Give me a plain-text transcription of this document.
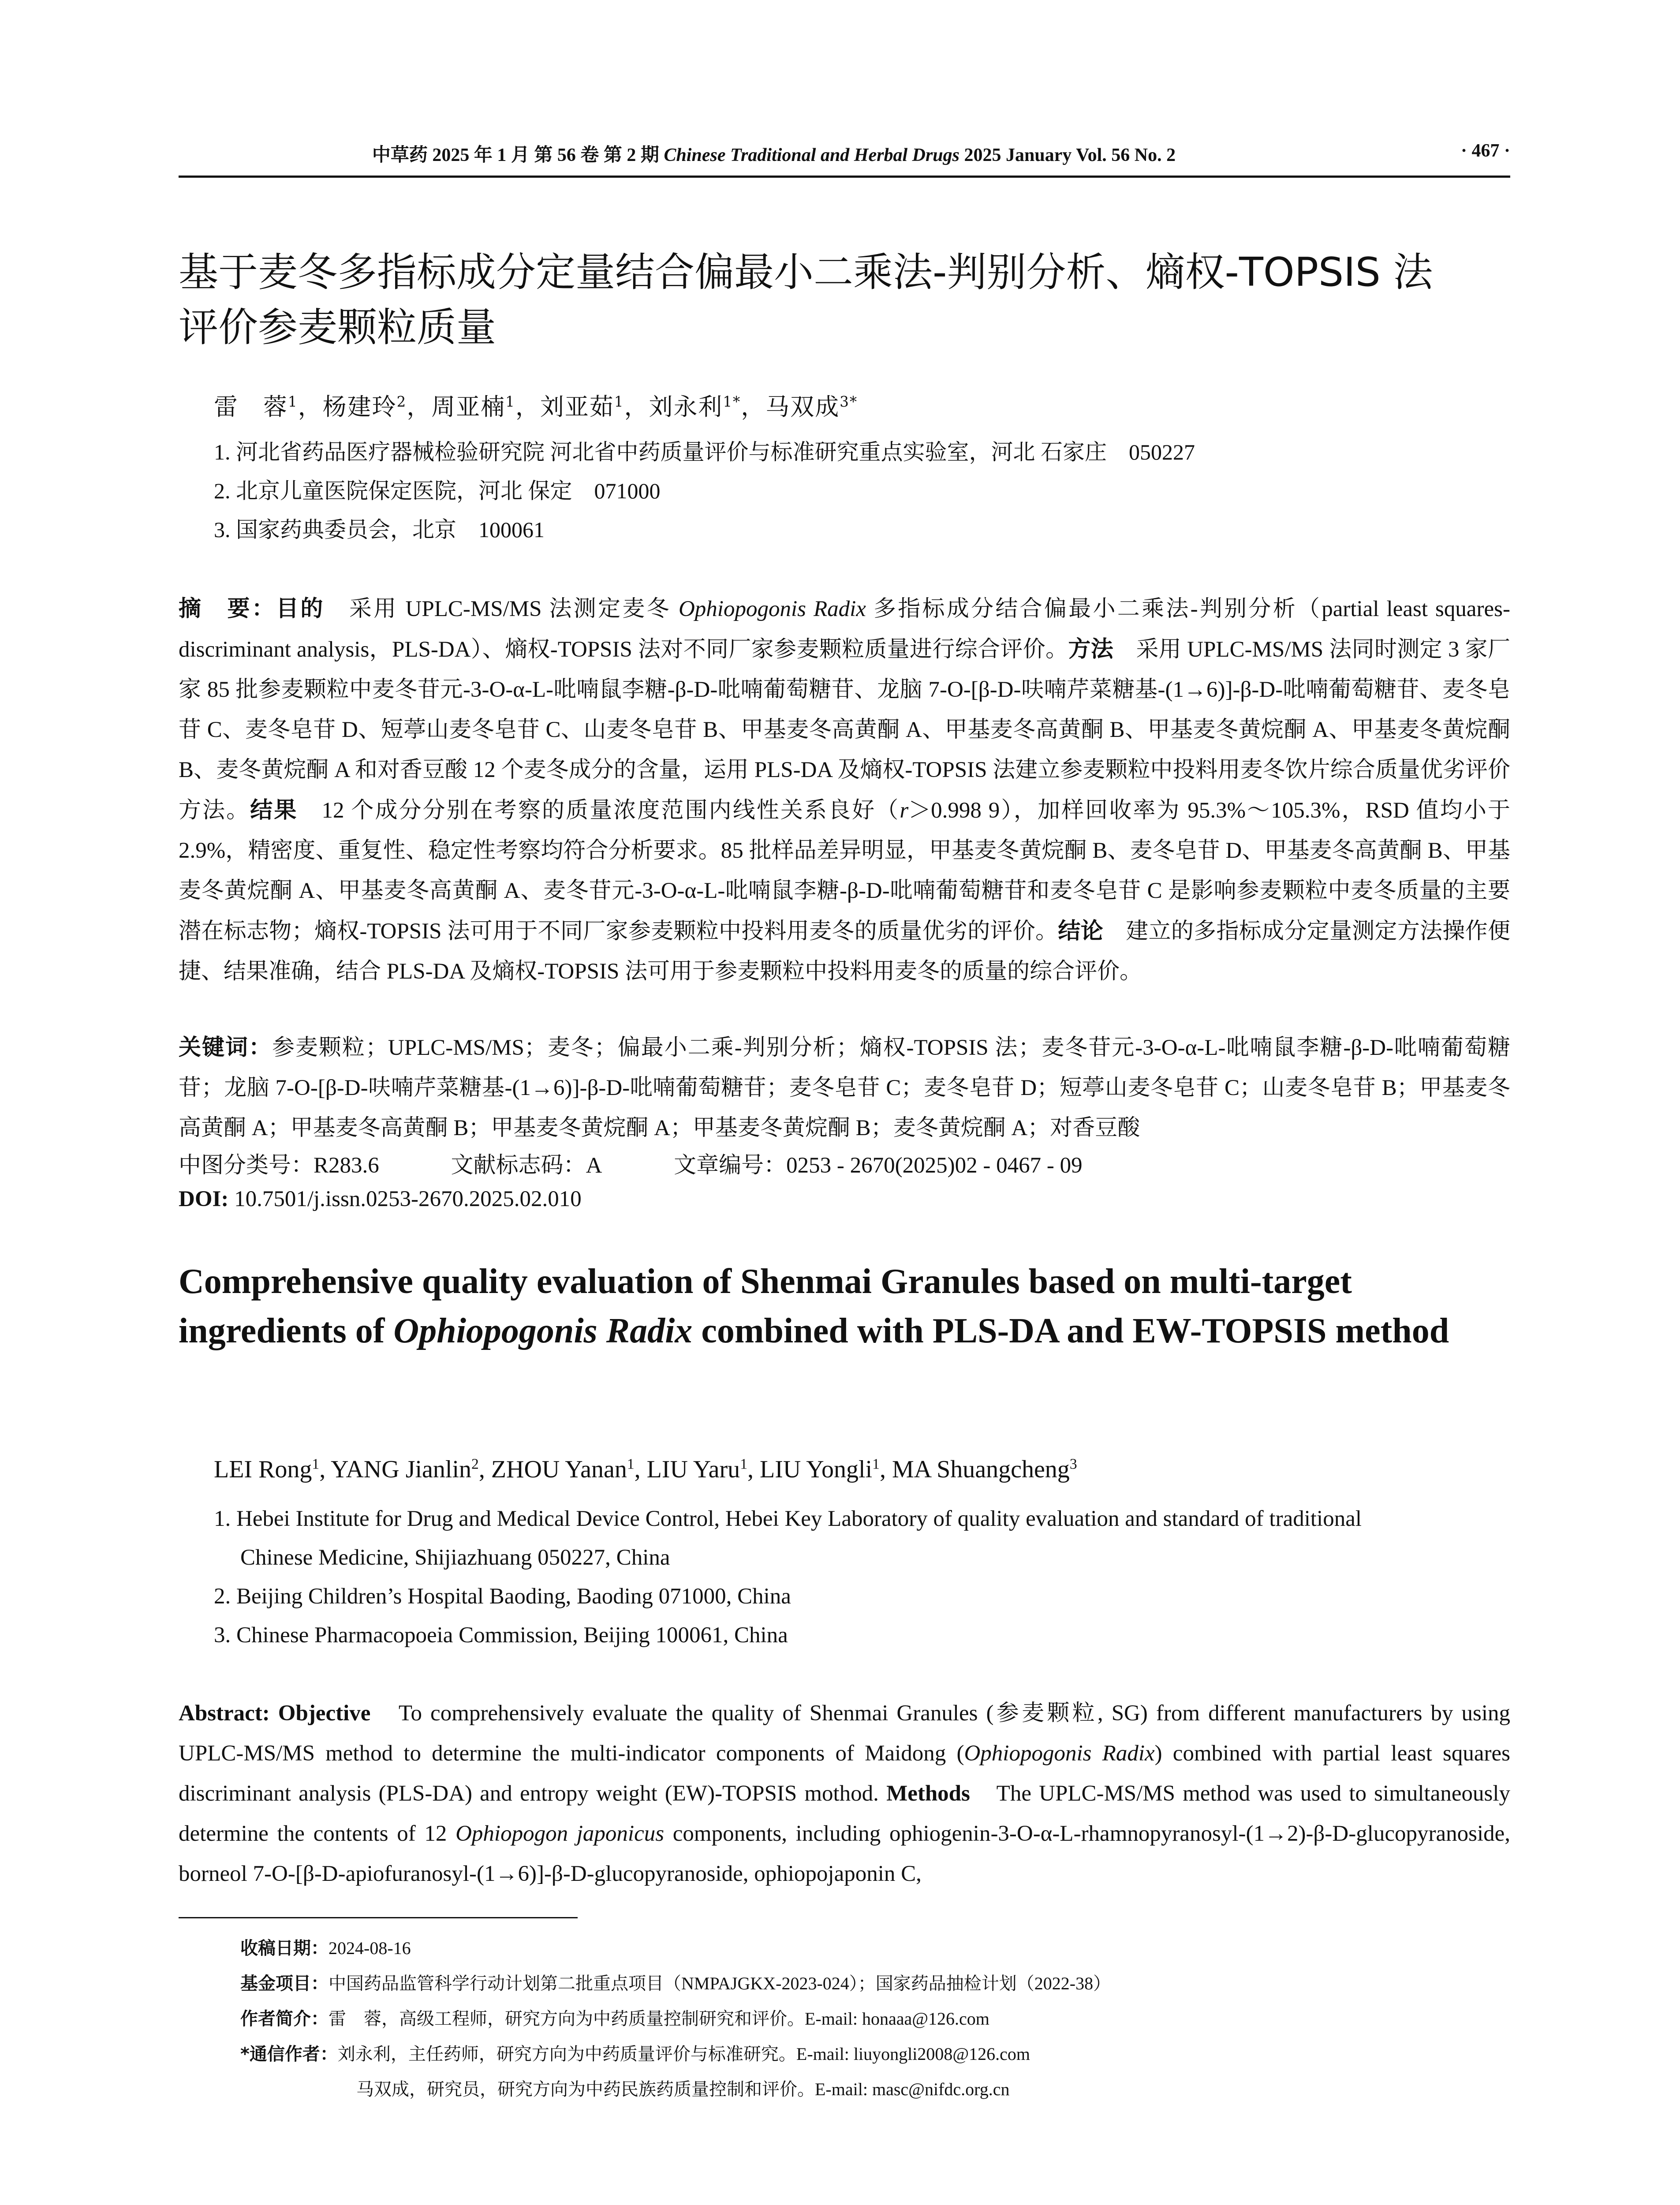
中草药 2025 年 1 月 第 56 卷 第 2 期 Chinese Traditional and Herbal Drugs 2025 January Vol. 56 No. 2	· 467 ·
基于麦冬多指标成分定量结合偏最小二乘法-判别分析、熵权-TOPSIS 法
评价参麦颗粒质量
雷　蓉$^1$，杨建玲$^2$，周亚楠$^1$，刘亚茹$^1$，刘永利$^{1*}$，马双成$^{3*}$
1. 河北省药品医疗器械检验研究院 河北省中药质量评价与标准研究重点实验室，河北 石家庄　050227
2. 北京儿童医院保定医院，河北 保定　071000
3. 国家药典委员会，北京　100061
摘　要：目的　采用 UPLC-MS/MS 法测定麦冬 Ophiopogonis Radix 多指标成分结合偏最小二乘法-判别分析（partial least squares-discriminant analysis，PLS-DA）、熵权-TOPSIS 法对不同厂家参麦颗粒质量进行综合评价。方法　采用 UPLC-MS/MS 法同时测定 3 家厂家 85 批参麦颗粒中麦冬苷元-3-O-α-L-吡喃鼠李糖-β-D-吡喃葡萄糖苷、龙脑 7-O-[β-D-呋喃芹菜糖基-(1→6)]-β-D-吡喃葡萄糖苷、麦冬皂苷 C、麦冬皂苷 D、短葶山麦冬皂苷 C、山麦冬皂苷 B、甲基麦冬高黄酮 A、甲基麦冬高黄酮 B、甲基麦冬黄烷酮 A、甲基麦冬黄烷酮 B、麦冬黄烷酮 A 和对香豆酸 12 个麦冬成分的含量，运用 PLS-DA 及熵权-TOPSIS 法建立参麦颗粒中投料用麦冬饮片综合质量优劣评价方法。结果　12 个成分分别在考察的质量浓度范围内线性关系良好（r＞0.998 9），加样回收率为 95.3%～105.3%，RSD 值均小于 2.9%，精密度、重复性、稳定性考察均符合分析要求。85 批样品差异明显，甲基麦冬黄烷酮 B、麦冬皂苷 D、甲基麦冬高黄酮 B、甲基麦冬黄烷酮 A、甲基麦冬高黄酮 A、麦冬苷元-3-O-α-L-吡喃鼠李糖-β-D-吡喃葡萄糖苷和麦冬皂苷 C 是影响参麦颗粒中麦冬质量的主要潜在标志物；熵权-TOPSIS 法可用于不同厂家参麦颗粒中投料用麦冬的质量优劣的评价。结论　建立的多指标成分定量测定方法操作便捷、结果准确，结合 PLS-DA 及熵权-TOPSIS 法可用于参麦颗粒中投料用麦冬的质量的综合评价。
关键词：参麦颗粒；UPLC-MS/MS；麦冬；偏最小二乘-判别分析；熵权-TOPSIS 法；麦冬苷元-3-O-α-L-吡喃鼠李糖-β-D-吡喃葡萄糖苷；龙脑 7-O-[β-D-呋喃芹菜糖基-(1→6)]-β-D-吡喃葡萄糖苷；麦冬皂苷 C；麦冬皂苷 D；短葶山麦冬皂苷 C；山麦冬皂苷 B；甲基麦冬高黄酮 A；甲基麦冬高黄酮 B；甲基麦冬黄烷酮 A；甲基麦冬黄烷酮 B；麦冬黄烷酮 A；对香豆酸
中图分类号：R283.6	文献标志码：A	文章编号：0253 - 2670(2025)02 - 0467 - 09
DOI: 10.7501/j.issn.0253-2670.2025.02.010
Comprehensive quality evaluation of Shenmai Granules based on multi-target ingredients of Ophiopogonis Radix combined with PLS-DA and EW-TOPSIS method
LEI Rong$^1$, YANG Jianlin$^2$, ZHOU Yanan$^1$, LIU Yaru$^1$, LIU Yongli$^1$, MA Shuangcheng$^3$
1. Hebei Institute for Drug and Medical Device Control, Hebei Key Laboratory of quality evaluation and standard of traditional
Chinese Medicine, Shijiazhuang 050227, China
2. Beijing Children’s Hospital Baoding, Baoding 071000, China
3. Chinese Pharmacopoeia Commission, Beijing 100061, China
Abstract: Objective　To comprehensively evaluate the quality of Shenmai Granules (参麦颗粒, SG) from different manufacturers by using UPLC-MS/MS method to determine the multi-indicator components of Maidong (Ophiopogonis Radix) combined with partial least squares discriminant analysis (PLS-DA) and entropy weight (EW)-TOPSIS mothod. Methods　The UPLC-MS/MS method was used to simultaneously determine the contents of 12 Ophiopogon japonicus components, including ophiogenin-3-O-α-L-rhamnopyranosyl-(1→2)-β-D-glucopyranoside, borneol 7-O-[β-D-apiofuranosyl-(1→6)]-β-D-glucopyranoside, ophiopojaponin C,
收稿日期：2024-08-16
基金项目：中国药品监管科学行动计划第二批重点项目（NMPAJGKX-2023-024）；国家药品抽检计划（2022-38）
作者简介：雷　蓉，高级工程师，研究方向为中药质量控制研究和评价。E-mail: honaaa@126.com
*通信作者：刘永利，主任药师，研究方向为中药质量评价与标准研究。E-mail: liuyongli2008@126.com
马双成，研究员，研究方向为中药民族药质量控制和评价。E-mail: masc@nifdc.org.cn
